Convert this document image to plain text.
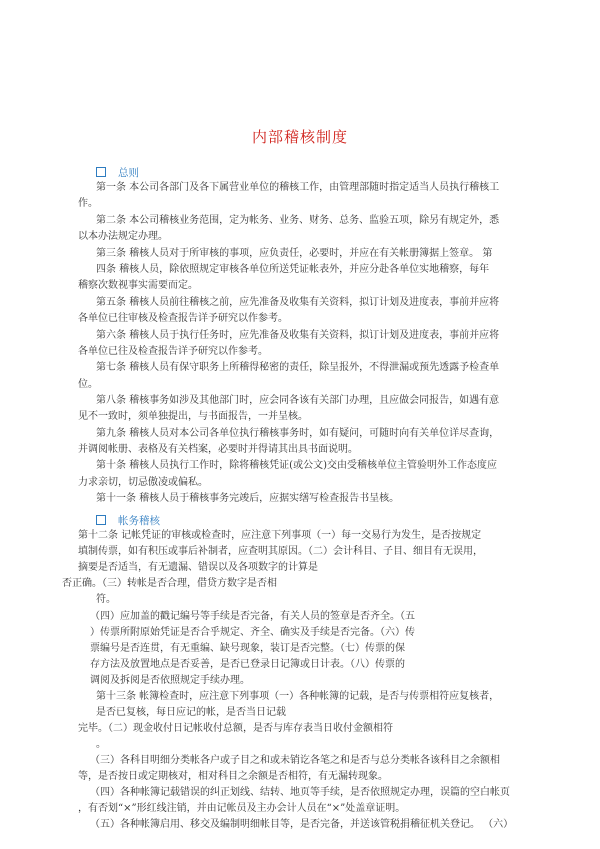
内部稽核制度
总则
第一条 本公司各部门及各下属营业单位的稽核工作，由管理部随时指定适当人员执行稽核工
作。
第二条 本公司稽核业务范围，定为帐务、业务、财务、总务、监验五项，除另有规定外，悉
以本办法规定办理。
第三条 稽核人员对于所审核的事项，应负责任，必要时，并应在有关帐册簿据上签章。 第
四条 稽核人员，除依照规定审核各单位所送凭证帐表外，并应分赴各单位实地稽察，每年
稽察次数视事实需要而定。
第五条 稽核人员前往稽核之前，应先准备及收集有关资料，拟订计划及进度表，事前并应将
各单位已往审核及检查报告详予研究以作参考。
第六条 稽核人员于执行任务时，应先准备及收集有关资料，拟订计划及进度表，事前并应将
各单位已往及检查报告详予研究以作参考。
第七条 稽核人员有保守职务上所稽得秘密的责任，除呈报外，不得泄漏或预先透露予检查单
位。
第八条 稽核事务如涉及其他部门时，应会同各该有关部门办理，且应做会同报告，如遇有意
见不一致时，须单独提出，与书面报告，一并呈核。
第九条 稽核人员对本公司各单位执行稽核事务时，如有疑问，可随时向有关单位详尽查询，
并调阅帐册、表格及有关档案，必要时并得请其出具书面说明。
第十条 稽核人员执行工作时，除将稽核凭证(或公文)交由受稽核单位主管验明外工作态度应
力求亲切，切忌傲凌或偏私。
第十一条 稽核人员于稽核事务完竣后，应据实缮写检查报告书呈核。
帐务稽核
第十二条 记帐凭证的审核或检查时，应注意下列事项（一）每一交易行为发生，是否按规定
填制传票，如有积压或事后补制者，应查明其原因。（二）会计科目、子目、细目有无误用，
摘要是否适当，有无遗漏、错误以及各项数字的计算是
否正确。（三）转帐是否合理，借贷方数字是否相
符。
（四）应加盖的戳记编号等手续是否完备，有关人员的签章是否齐全。（五
）传票所附原始凭证是否合乎规定、齐全、确实及手续是否完备。（六）传
票编号是否连贯，有无重编、缺号现象，装订是否完整。（七）传票的保
存方法及放置地点是否妥善，是否已登录日记簿或日计表。（八）传票的
调阅及拆阅是否依照规定手续办理。
第十三条 帐簿检查时，应注意下列事项（一）各种帐簿的记载，是否与传票相符应复核者，
是否已复核，每日应记的帐，是否当日记载
完毕。（二）现金收付日记帐收付总额，是否与库存表当日收付金额相符
。
（三）各科目明细分类帐各户或子目之和或未销讫各笔之和是否与总分类帐各该科目之余额相
等，是否按日或定期核对，相对科目之余额是否相符，有无漏转现象。
（四）各种帐簿记载错误的纠正划线、结转、地页等手续，是否依照规定办理，误篇的空白帐页
，有否划“×”形红线注销，并由记帐员及主办会计人员在“×”处盖章证明。
（五）各种帐簿启用、移交及编制明细帐目等，是否完备，并送该管税捐稽征机关登记。 （六）
